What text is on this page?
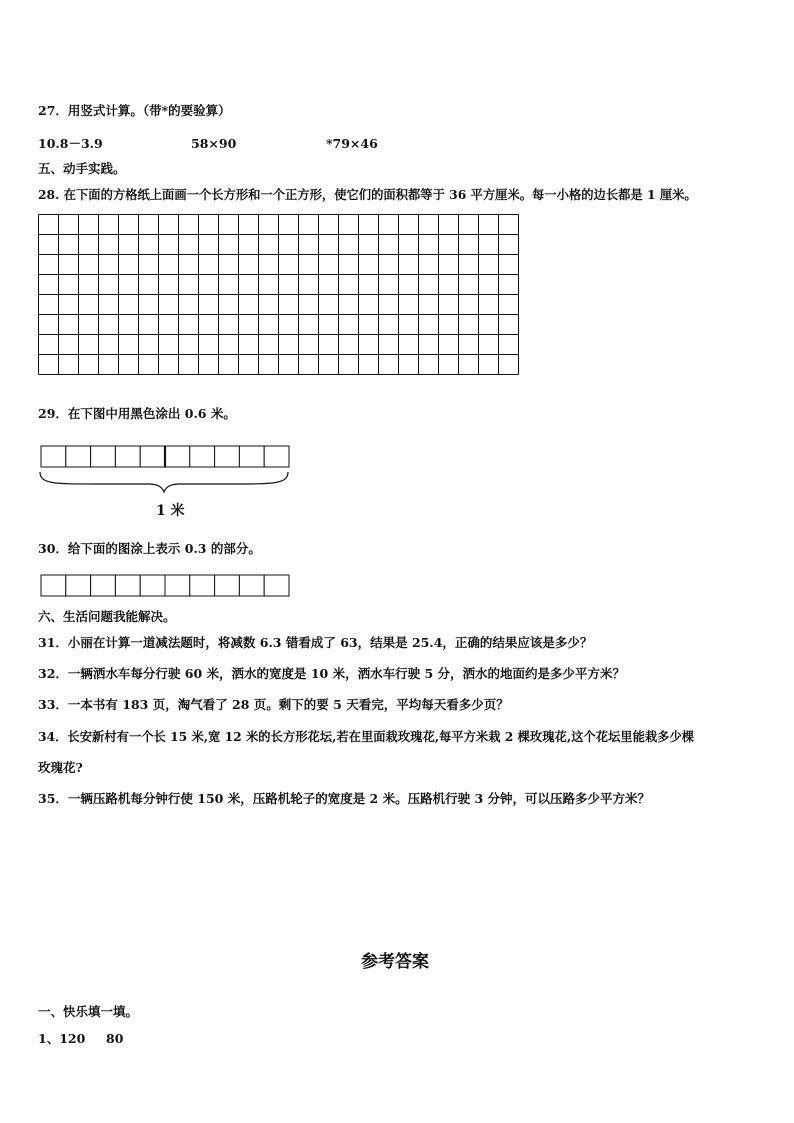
27．用竖式计算。（带*的要验算）
10.8－3.9	58×90	*79×46
五、动手实践。
28. 在下面的方格纸上面画一个长方形和一个正方形，使它们的面积都等于 36 平方厘米。每一小格的边长都是 1 厘米。
29．在下图中用黑色涂出 0.6 米。
1 米
30．给下面的图涂上表示 0.3 的部分。
六、生活问题我能解决。
31．小丽在计算一道减法题时，将减数 6.3 错看成了 63，结果是 25.4，正确的结果应该是多少？
32．一辆洒水车每分行驶 60 米，洒水的宽度是 10 米，洒水车行驶 5 分，洒水的地面约是多少平方米？
33．一本书有 183 页，淘气看了 28 页。剩下的要 5 天看完，平均每天看多少页？
34．长安新村有一个长 15 米,宽 12 米的长方形花坛,若在里面栽玫瑰花,每平方米栽 2 棵玫瑰花,这个花坛里能栽多少棵
玫瑰花?
35．一辆压路机每分钟行使 150 米，压路机轮子的宽度是 2 米。压路机行驶 3 分钟，可以压路多少平方米？
参考答案
一、快乐填一填。
1、120 80
